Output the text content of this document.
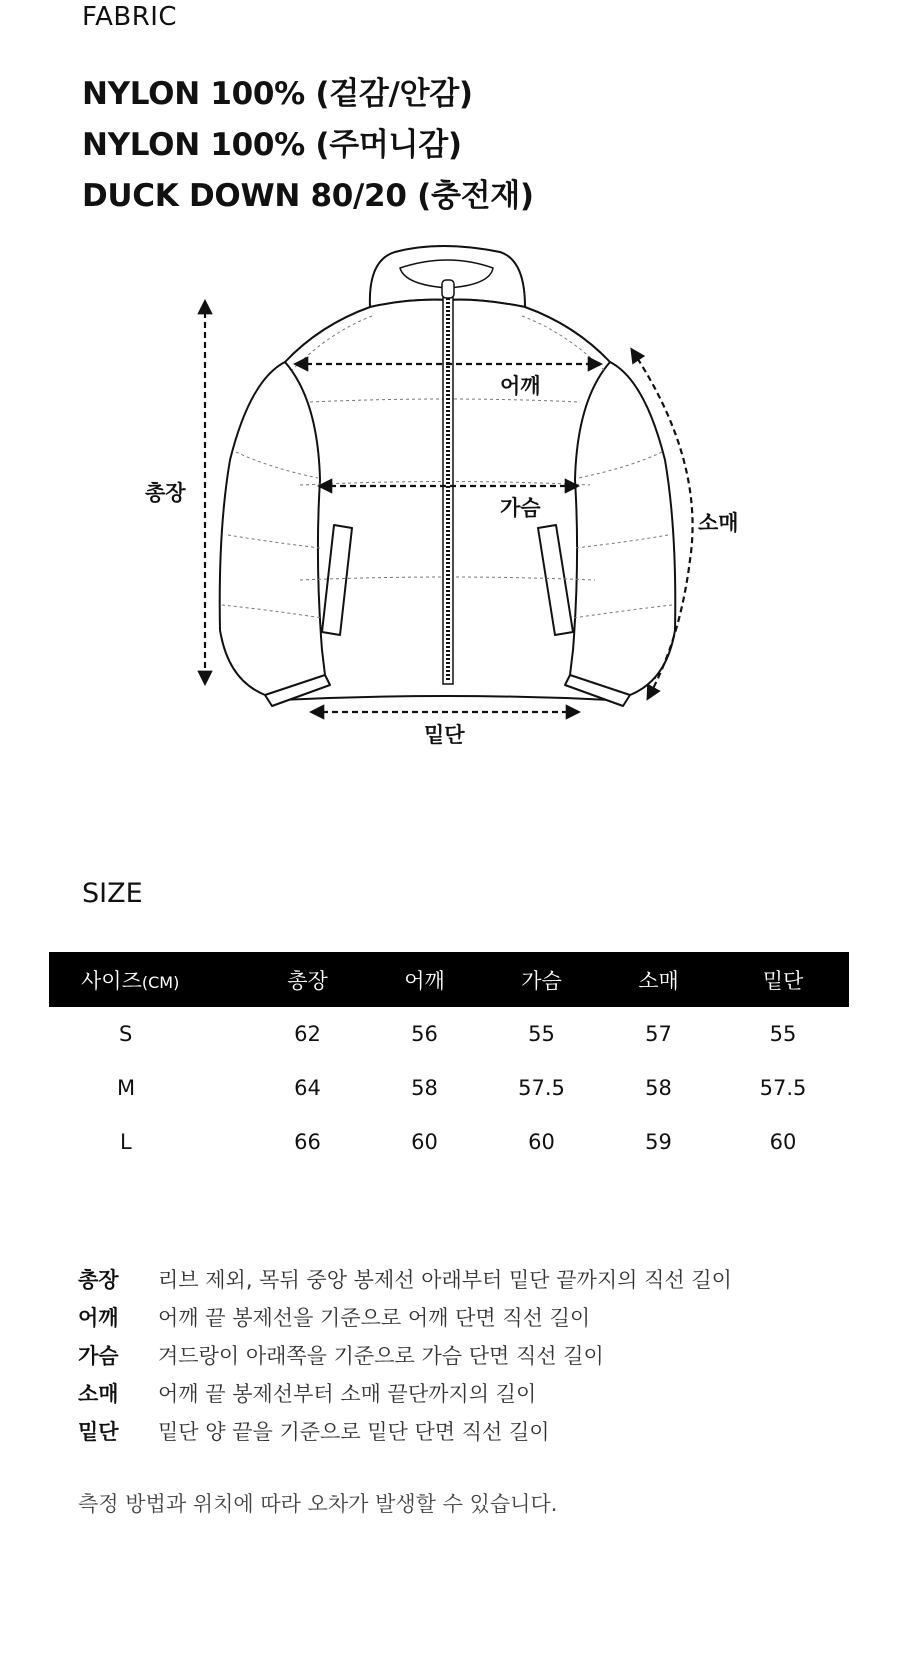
FABRIC
NYLON 100% (겉감/안감)
NYLON 100% (주머니감)
DUCK DOWN 80/20 (충전재)
총장
어깨
가슴
소매
밑단
SIZE
사이즈(CM)	총장	어깨	가슴	소매	밑단
S	62	56	55	57	55
M	64	58	57.5	58	57.5
L	66	60	60	59	60
총장 리브 제외, 목뒤 중앙 봉제선 아래부터 밑단 끝까지의 직선 길이
어깨 어깨 끝 봉제선을 기준으로 어깨 단면 직선 길이
가슴 겨드랑이 아래쪽을 기준으로 가슴 단면 직선 길이
소매 어깨 끝 봉제선부터 소매 끝단까지의 길이
밑단 밑단 양 끝을 기준으로 밑단 단면 직선 길이
측정 방법과 위치에 따라 오차가 발생할 수 있습니다.
